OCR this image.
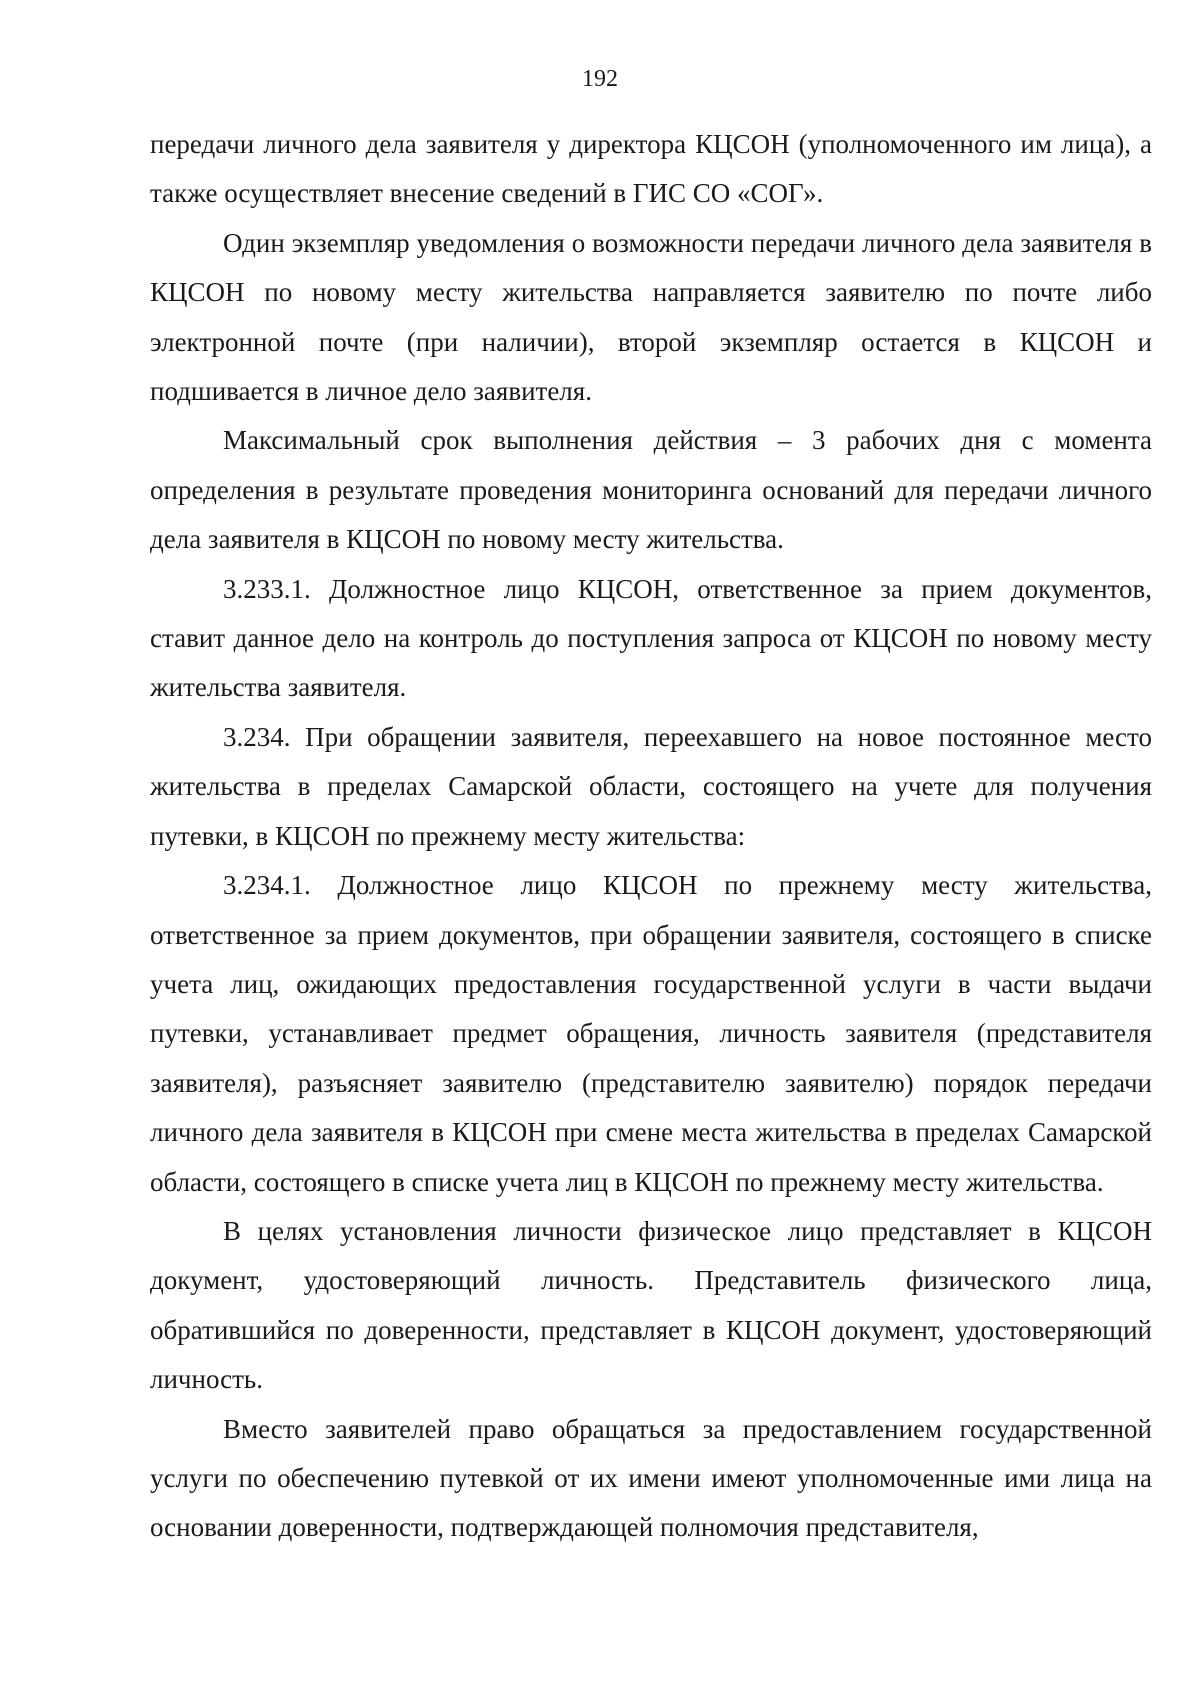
192

передачи личного дела заявителя у директора КЦСОН (уполномоченного им лица), а также осуществляет внесение сведений в ГИС СО «СОГ».

Один экземпляр уведомления о возможности передачи личного дела заявителя в КЦСОН по новому месту жительства направляется заявителю по почте либо электронной почте (при наличии), второй экземпляр остается в КЦСОН и подшивается в личное дело заявителя.

Максимальный срок выполнения действия – 3 рабочих дня с момента определения в результате проведения мониторинга оснований для передачи личного дела заявителя в КЦСОН по новому месту жительства.

3.233.1. Должностное лицо КЦСОН, ответственное за прием документов, ставит данное дело на контроль до поступления запроса от КЦСОН по новому месту жительства заявителя.

3.234. При обращении заявителя, переехавшего на новое постоянное место жительства в пределах Самарской области, состоящего на учете для получения путевки, в КЦСОН по прежнему месту жительства:

3.234.1. Должностное лицо КЦСОН по прежнему месту жительства, ответственное за прием документов, при обращении заявителя, состоящего в списке учета лиц, ожидающих предоставления государственной услуги в части выдачи путевки, устанавливает предмет обращения, личность заявителя (представителя заявителя), разъясняет заявителю (представителю заявителю) порядок передачи личного дела заявителя в КЦСОН при смене места жительства в пределах Самарской области, состоящего в списке учета лиц в КЦСОН по прежнему месту жительства.

В целях установления личности физическое лицо представляет в КЦСОН документ, удостоверяющий личность. Представитель физического лица, обратившийся по доверенности, представляет в КЦСОН документ, удостоверяющий личность.

Вместо заявителей право обращаться за предоставлением государственной услуги по обеспечению путевкой от их имени имеют уполномоченные ими лица на основании доверенности, подтверждающей полномочия представителя,
